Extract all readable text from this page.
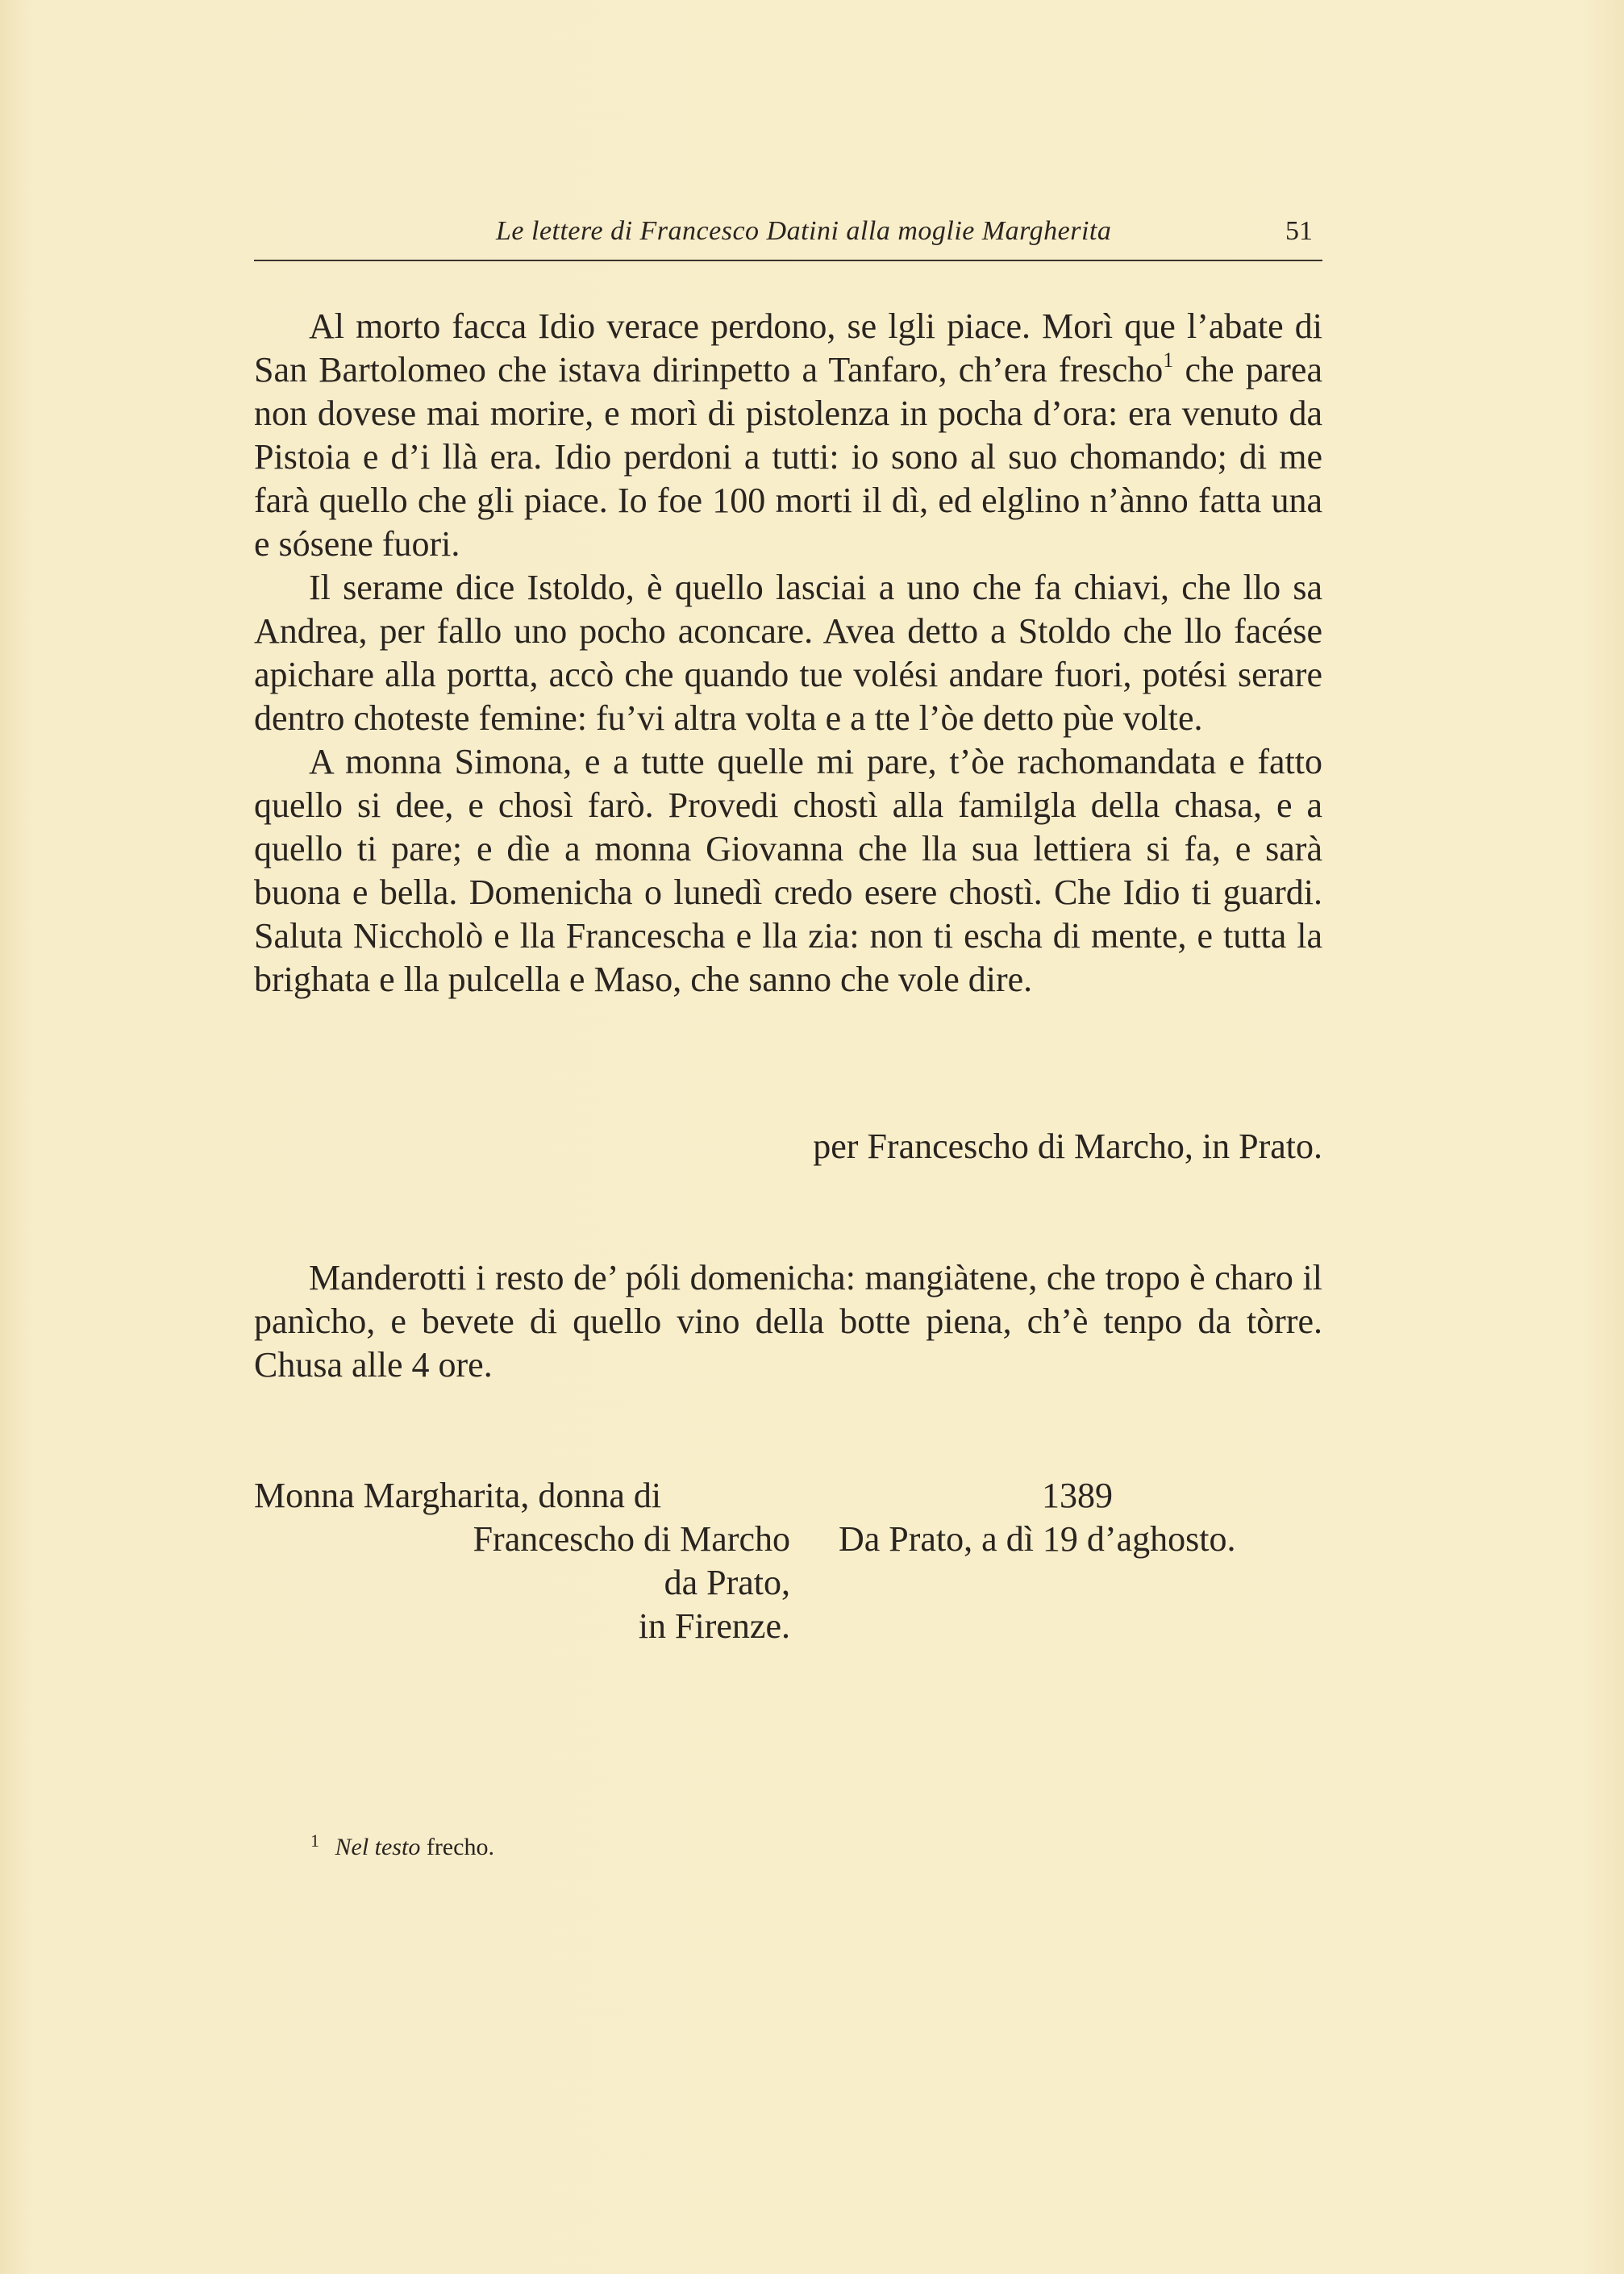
Le lettere di Francesco Datini alla moglie Margherita	51

Al morto facca Idio verace perdono, se lgli piace. Morì que l’abate di San Bartolomeo che istava dirinpetto a Tanfaro, ch’era frescho$^1$ che parea non dovese mai morire, e morì di pistolenza in pocha d’ora: era venuto da Pistoia e d’i llà era. Idio perdoni a tutti: io sono al suo chomando; di me farà quello che gli piace. Io foe 100 morti il dì, ed elglino n’ànno fatta una e sósene fuori.

Il serame dice Istoldo, è quello lasciai a uno che fa chiavi, che llo sa Andrea, per fallo uno pocho aconcare. Avea detto a Stoldo che llo facése apichare alla portta, accò che quando tue volési andare fuori, potési serare dentro choteste femine: fu’vi altra volta e a tte l’òe detto pùe volte.

A monna Simona, e a tutte quelle mi pare, t’òe rachomandata e fatto quello si dee, e chosì farò. Provedi chostì alla familgla della chasa, e a quello ti pare; e dìe a monna Giovanna che lla sua lettiera si fa, e sarà buona e bella. Domenicha o lunedì credo esere chostì. Che Idio ti guardi. Saluta Niccholò e lla Francescha e lla zia: non ti escha di mente, e tutta la brighata e lla pulcella e Maso, che sanno che vole dire.

per Francescho di Marcho, in Prato.

Manderotti i resto de’ póli domenicha: mangiàtene, che tropo è charo il panìcho, e bevete di quello vino della botte piena, ch’è tenpo da tòrre. Chusa alle 4 ore.

Monna Margharita, donna di
Francescho di Marcho
da Prato,
in Firenze.
1389
Da Prato, a dì 19 d’aghosto.
$^1$ Nel testo frecho.
